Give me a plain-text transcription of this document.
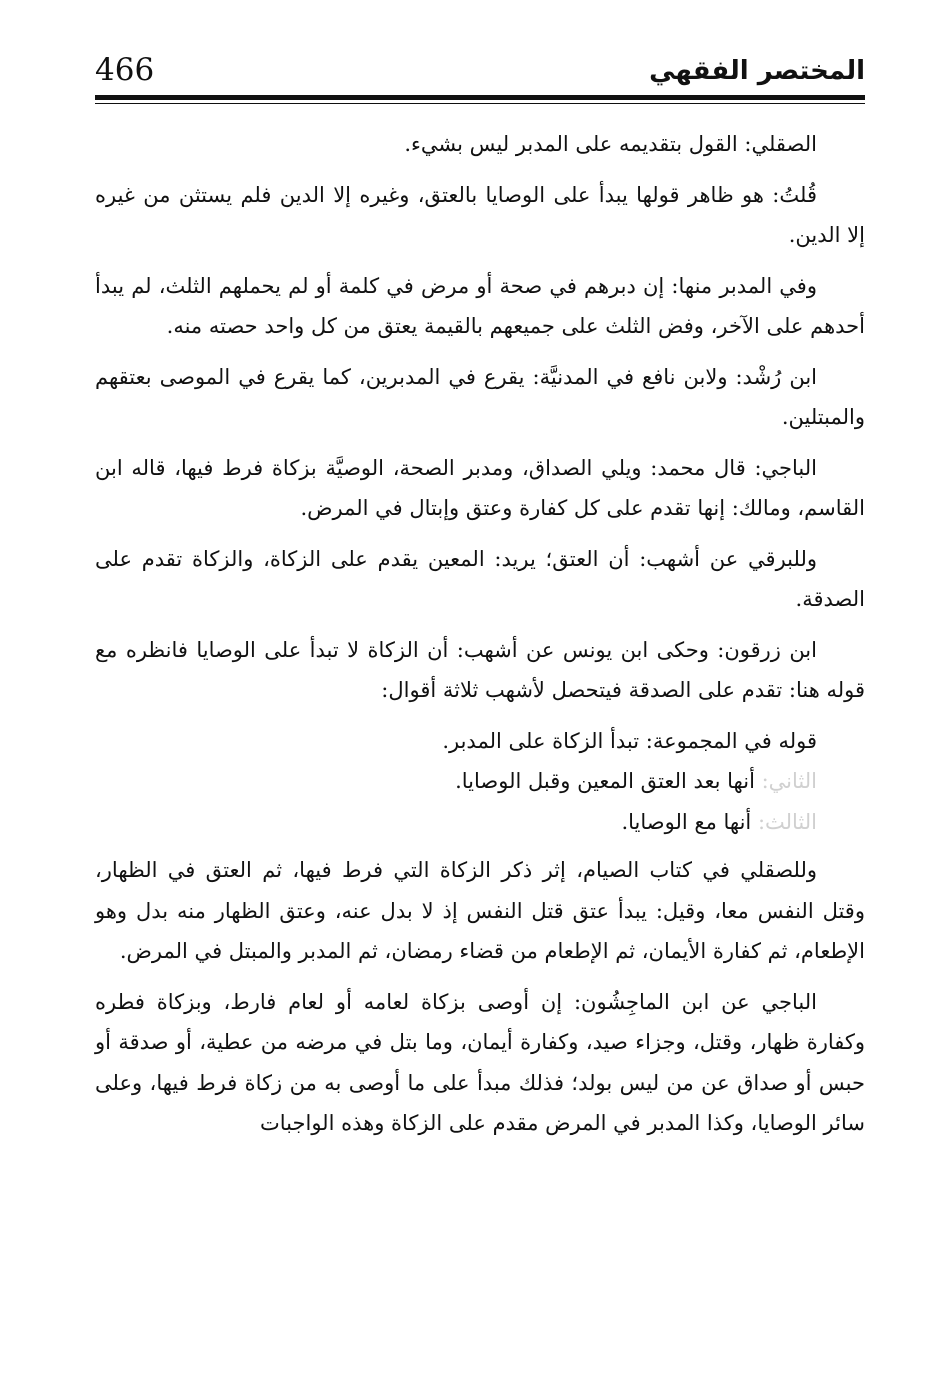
466	المختصر الفقهي

الصقلي: القول بتقديمه على المدبر ليس بشيء.

قُلتُ: هو ظاهر قولها يبدأ على الوصايا بالعتق، وغيره إلا الدين فلم يستثن من غيره إلا الدين.

وفي المدبر منها: إن دبرهم في صحة أو مرض في كلمة أو لم يحملهم الثلث، لم يبدأ أحدهم على الآخر، وفض الثلث على جميعهم بالقيمة يعتق من كل واحد حصته منه.

ابن رُشْد: ولابن نافع في المدنيَّة: يقرع في المدبرين، كما يقرع في الموصى بعتقهم والمبتلين.

الباجي: قال محمد: ويلي الصداق، ومدبر الصحة، الوصيَّة بزكاة فرط فيها، قاله ابن القاسم، ومالك: إنها تقدم على كل كفارة وعتق وإبتال في المرض.

وللبرقي عن أشهب: أن العتق؛ يريد: المعين يقدم على الزكاة، والزكاة تقدم على الصدقة.

ابن زرقون: وحكى ابن يونس عن أشهب: أن الزكاة لا تبدأ على الوصايا فانظره مع قوله هنا: تقدم على الصدقة فيتحصل لأشهب ثلاثة أقوال:

قوله في المجموعة: تبدأ الزكاة على المدبر.

الثاني: أنها بعد العتق المعين وقبل الوصايا.

الثالث: أنها مع الوصايا.

وللصقلي في كتاب الصيام، إثر ذكر الزكاة التي فرط فيها، ثم العتق في الظهار، وقتل النفس معا، وقيل: يبدأ عتق قتل النفس إذ لا بدل عنه، وعتق الظهار منه بدل وهو الإطعام، ثم كفارة الأيمان، ثم الإطعام من قضاء رمضان، ثم المدبر والمبتل في المرض.

الباجي عن ابن الماجِشُون: إن أوصى بزكاة لعامه أو لعام فارط، وبزكاة فطره وكفارة ظهار، وقتل، وجزاء صيد، وكفارة أيمان، وما بتل في مرضه من عطية، أو صدقة أو حبس أو صداق عن من ليس بولد؛ فذلك مبدأ على ما أوصى به من زكاة فرط فيها، وعلى سائر الوصايا، وكذا المدبر في المرض مقدم على الزكاة وهذه الواجبات
